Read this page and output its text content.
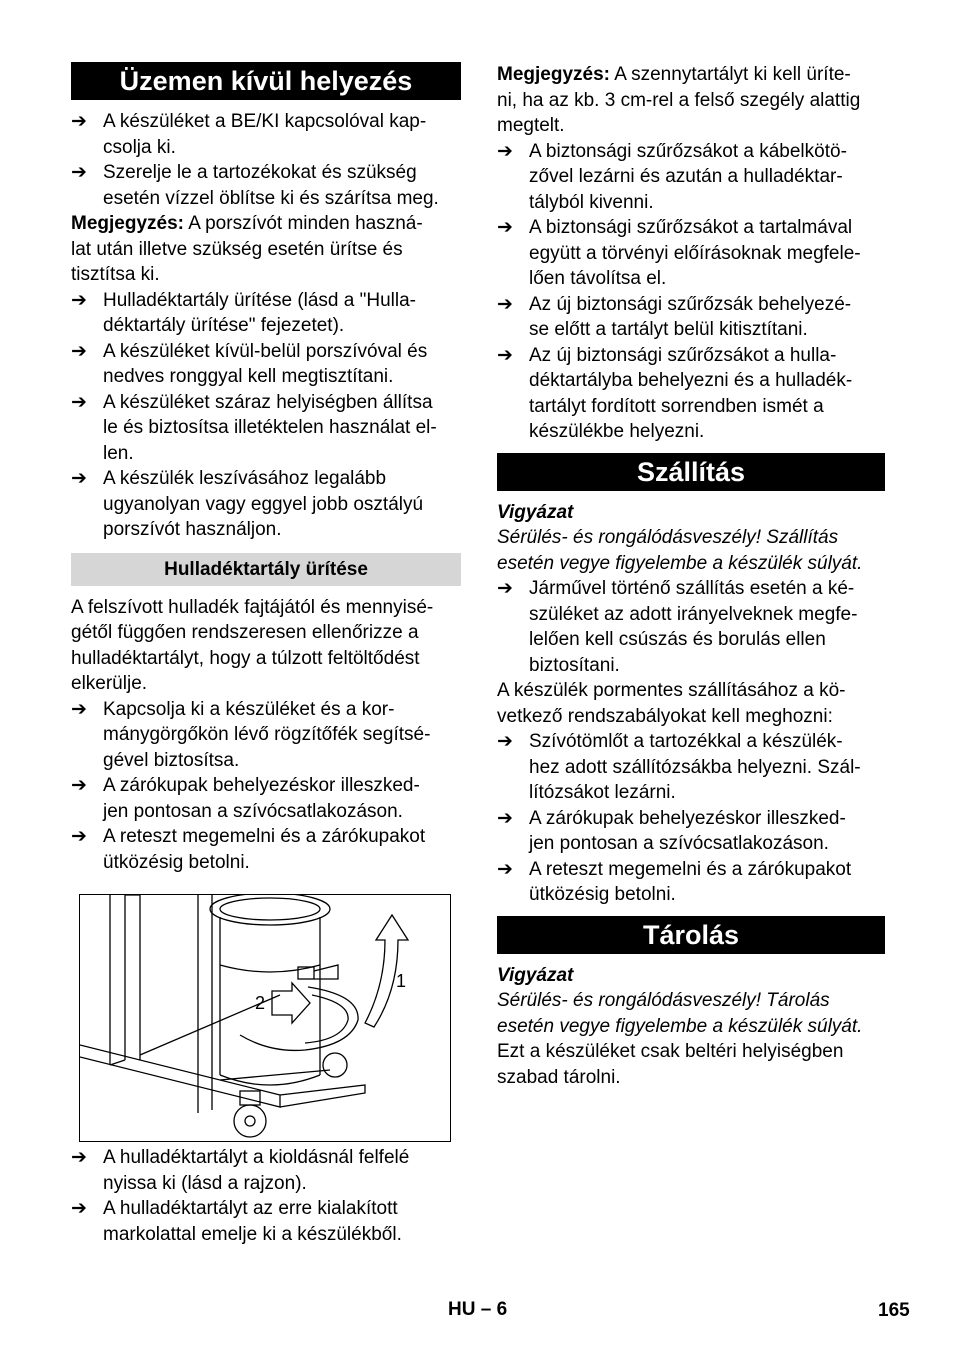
Üzemen kívül helyezés
➔ A készüléket a BE/KI kapcsolóval kap-
csolja ki.
➔ Szerelje le a tartozékokat és szükség
esetén vízzel öblítse ki és szárítsa meg.

Megjegyzés: A porszívót minden haszná-
lat után illetve szükség esetén ürítse és
tisztítsa ki.

➔ Hulladéktartály ürítése (lásd a "Hulla-
déktartály ürítése" fejezetet).
➔ A készüléket kívül-belül porszívóval és
nedves ronggyal kell megtisztítani.
➔ A készüléket száraz helyiségben állítsa
le és biztosítsa illetéktelen használat el-
len.
➔ A készülék leszívásához legalább
ugyanolyan vagy eggyel jobb osztályú
porszívót használjon.
Hulladéktartály ürítése

A felszívott hulladék fajtájától és mennyisé-
gétől függően rendszeresen ellenőrizze a
hulladéktartályt, hogy a túlzott feltöltődést
elkerülje.

➔ Kapcsolja ki a készüléket és a kor-
mánygörgőkön lévő rögzítőfék segítsé-
gével biztosítsa.
➔ A zárókupak behelyezéskor illeszked-
jen pontosan a szívócsatlakozáson.
➔ A reteszt megemelni és a zárókupakot
ütközésig betolni.
1
2
➔ A hulladéktartályt a kioldásnál felfelé
nyissa ki (lásd a rajzon).
➔ A hulladéktartályt az erre kialakított
markolattal emelje ki a készülékből.

Megjegyzés: A szennytartályt ki kell üríte-
ni, ha az kb. 3 cm-rel a felső szegély alattig
megtelt.

➔ A biztonsági szűrőzsákot a kábelkötö-
zővel lezárni és azután a hulladéktar-
tályból kivenni.
➔ A biztonsági szűrőzsákot a tartalmával
együtt a törvényi előírásoknak megfele-
lően távolítsa el.
➔ Az új biztonsági szűrőzsák behelyezé-
se előtt a tartályt belül kitisztítani.
➔ Az új biztonsági szűrőzsákot a hulla-
déktartályba behelyezni és a hulladék-
tartályt fordított sorrendben ismét a
készülékbe helyezni.
Szállítás

Vigyázat

Sérülés- és rongálódásveszély! Szállítás
esetén vegye figyelembe a készülék súlyát.

➔ Járművel történő szállítás esetén a ké-
szüléket az adott irányelveknek megfe-
lelően kell csúszás és borulás ellen
biztosítani.

A készülék pormentes szállításához a kö-
vetkező rendszabályokat kell meghozni:

➔ Szívótömlőt a tartozékkal a készülék-
hez adott szállítózsákba helyezni. Szál-
lítózsákot lezárni.
➔ A zárókupak behelyezéskor illeszked-
jen pontosan a szívócsatlakozáson.
➔ A reteszt megemelni és a zárókupakot
ütközésig betolni.
Tárolás

Vigyázat

Sérülés- és rongálódásveszély! Tárolás
esetén vegye figyelembe a készülék súlyát.

Ezt a készüléket csak beltéri helyiségben
szabad tárolni.

HU – 6	165
